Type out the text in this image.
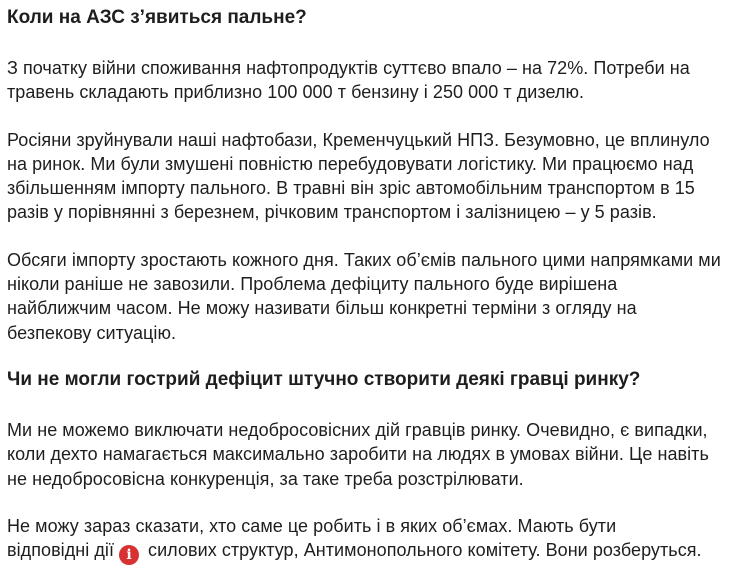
Коли на АЗС з’явиться пальне?

З початку війни споживання нафтопродуктів суттєво впало – на 72%. Потреби на
травень складають приблизно 100 000 т бензину і 250 000 т дизелю.

Росіяни зруйнували наші нафтобази, Кременчуцький НПЗ. Безумовно, це вплинуло
на ринок. Ми були змушені повністю перебудовувати логістику. Ми працюємо над
збільшенням імпорту пального. В травні він зріс автомобільним транспортом в 15
разів у порівнянні з березнем, річковим транспортом і залізницею – у 5 разів.

Обсяги імпорту зростають кожного дня. Таких об’ємів пального цими напрямками ми
ніколи раніше не завозили. Проблема дефіциту пального буде вирішена
найближчим часом. Не можу називати більш конкретні терміни з огляду на
безпекову ситуацію.

Чи не могли гострий дефіцит штучно створити деякі гравці ринку?

Ми не можемо виключати недобросовісних дій гравців ринку. Очевидно, є випадки,
коли дехто намагається максимально заробити на людях в умовах війни. Це навіть
не недобросовісна конкуренція, за таке треба розстрілювати.

Не можу зараз сказати, хто саме це робить і в яких об’ємах. Мають бути
відповідні дії i силових структур, Антимонопольного комітету. Вони розберуться.
